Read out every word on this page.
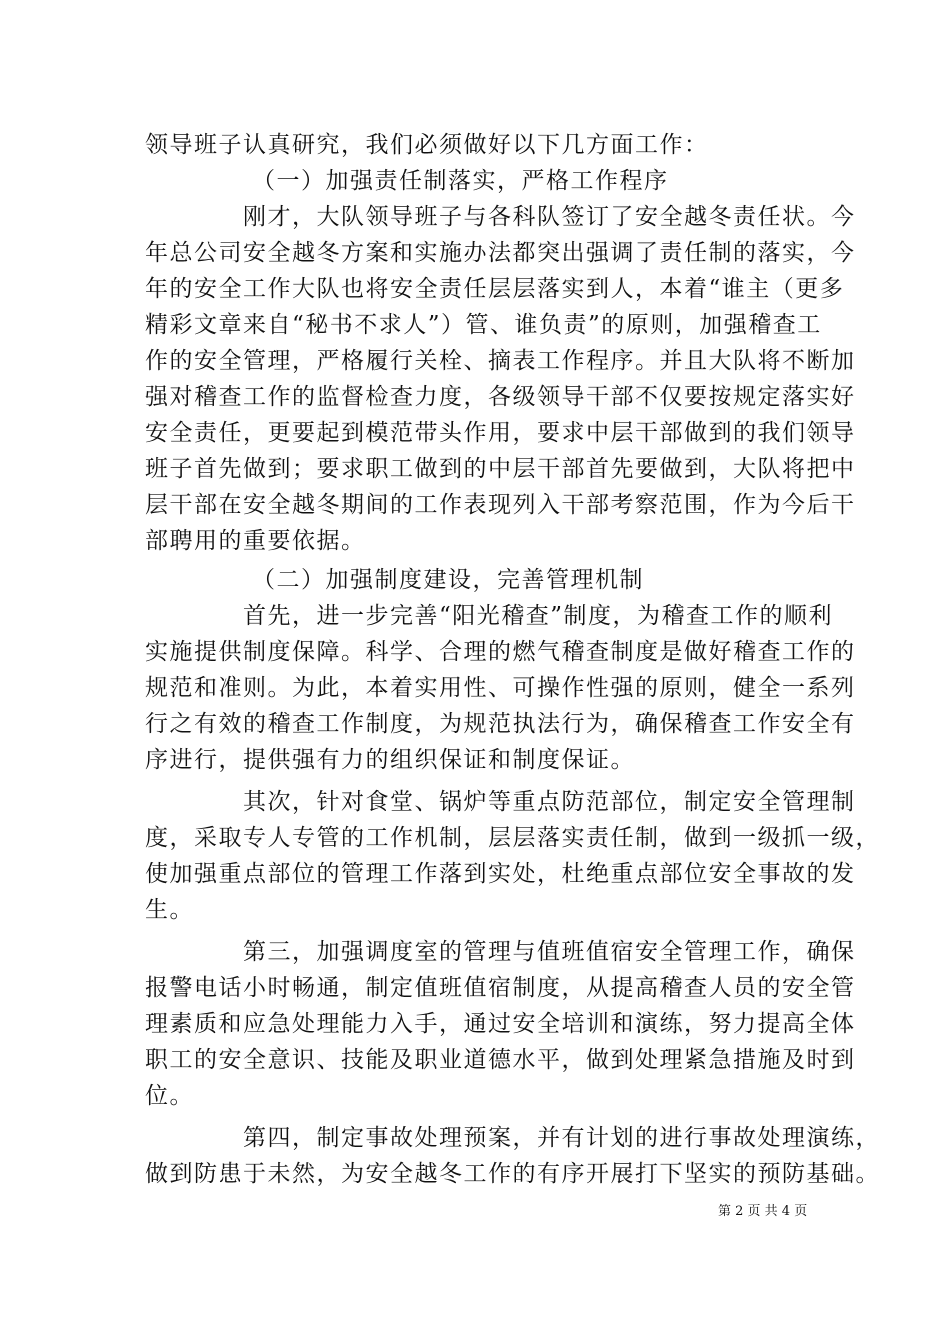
领导班子认真研究，我们必须做好以下几方面工作：
（一）加强责任制落实，严格工作程序
刚才，大队领导班子与各科队签订了安全越冬责任状。今
年总公司安全越冬方案和实施办法都突出强调了责任制的落实，今
年的安全工作大队也将安全责任层层落实到人，本着“谁主（更多
精彩文章来自“秘书不求人”）管、谁负责”的原则，加强稽查工
作的安全管理，严格履行关栓、摘表工作程序。并且大队将不断加
强对稽查工作的监督检查力度，各级领导干部不仅要按规定落实好
安全责任，更要起到模范带头作用，要求中层干部做到的我们领导
班子首先做到；要求职工做到的中层干部首先要做到，大队将把中
层干部在安全越冬期间的工作表现列入干部考察范围，作为今后干
部聘用的重要依据。
（二）加强制度建设，完善管理机制
首先，进一步完善“阳光稽查”制度，为稽查工作的顺利
实施提供制度保障。科学、合理的燃气稽查制度是做好稽查工作的
规范和准则。为此，本着实用性、可操作性强的原则，健全一系列
行之有效的稽查工作制度，为规范执法行为，确保稽查工作安全有
序进行，提供强有力的组织保证和制度保证。
其次，针对食堂、锅炉等重点防范部位，制定安全管理制
度，采取专人专管的工作机制，层层落实责任制，做到一级抓一级，
使加强重点部位的管理工作落到实处，杜绝重点部位安全事故的发
生。
第三，加强调度室的管理与值班值宿安全管理工作，确保
报警电话小时畅通，制定值班值宿制度，从提高稽查人员的安全管
理素质和应急处理能力入手，通过安全培训和演练，努力提高全体
职工的安全意识、技能及职业道德水平，做到处理紧急措施及时到
位。
第四，制定事故处理预案，并有计划的进行事故处理演练，
做到防患于未然，为安全越冬工作的有序开展打下坚实的预防基础。
第 2 页 共 4 页
